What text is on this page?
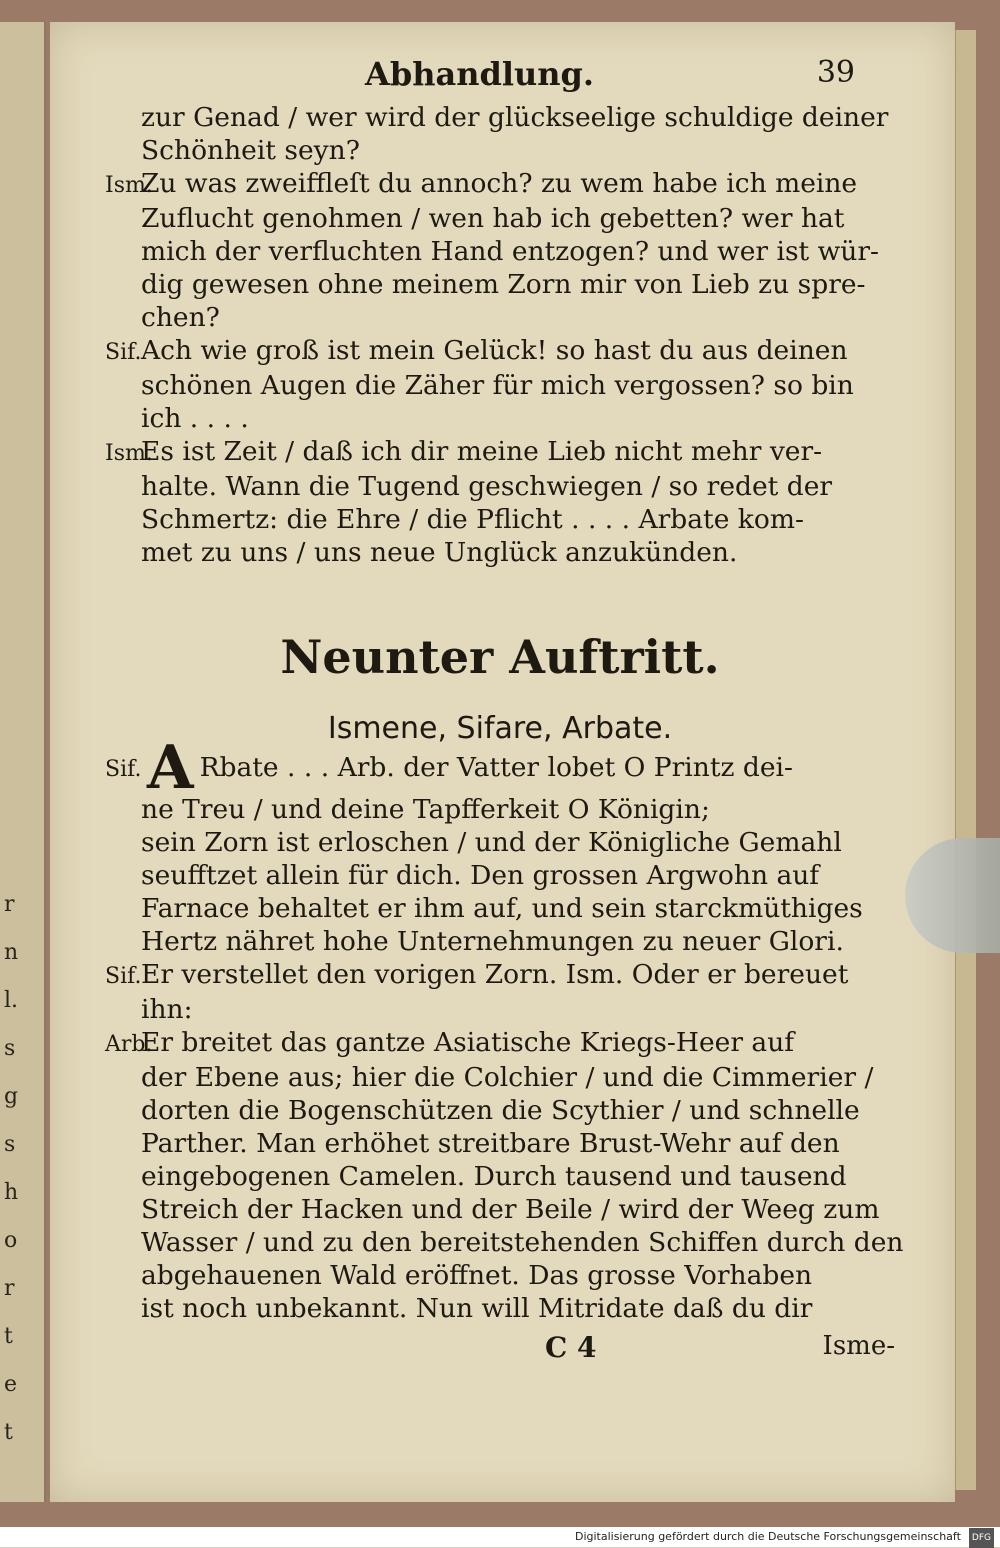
r
n
l.
s
g
s
h
o
r
t
e
t
Abhandlung.	39
zur Genad / wer wird der glückseelige schuldige deiner
Schönheit seyn?
Ism.Zu was zweiffleſt du annoch? zu wem habe ich meine
Zuflucht genohmen / wen hab ich gebetten? wer hat
mich der verfluchten Hand entzogen? und wer ist wür-
dig gewesen ohne meinem Zorn mir von Lieb zu spre-
chen?
Sif.Ach wie groß ist mein Gelück! so hast du aus deinen
schönen Augen die Zäher für mich vergossen? so bin
ich . . . .
Ism.Es ist Zeit / daß ich dir meine Lieb nicht mehr ver-
halte. Wann die Tugend geschwiegen / so redet der
Schmertz: die Ehre / die Pflicht . . . . Arbate kom-
met zu uns / uns neue Unglück anzukünden.
Neunter Auftritt.
Ismene, Sifare, Arbate.
Sif.A Rbate . . . Arb. der Vatter lobet O Printz dei-
ne Treu / und deine Tapfferkeit O Königin;
sein Zorn ist erloschen / und der Königliche Gemahl
seufftzet allein für dich. Den grossen Argwohn auf
Farnace behaltet er ihm auf, und sein starckmüthiges
Hertz nähret hohe Unternehmungen zu neuer Glori.
Sif.Er verstellet den vorigen Zorn. Ism. Oder er bereuet
ihn:
Arb.Er breitet das gantze Asiatische Kriegs-Heer auf
der Ebene aus; hier die Colchier / und die Cimmerier /
dorten die Bogenschützen die Scythier / und schnelle
Parther. Man erhöhet streitbare Brust-Wehr auf den
eingebogenen Camelen. Durch tausend und tausend
Streich der Hacken und der Beile / wird der Weeg zum
Wasser / und zu den bereitstehenden Schiffen durch den
abgehauenen Wald eröffnet. Das grosse Vorhaben
ist noch unbekannt. Nun will Mitridate daß du dir
C 4	Isme-
Digitalisierung gefördert durch die Deutsche Forschungsgemeinschaft DFG
